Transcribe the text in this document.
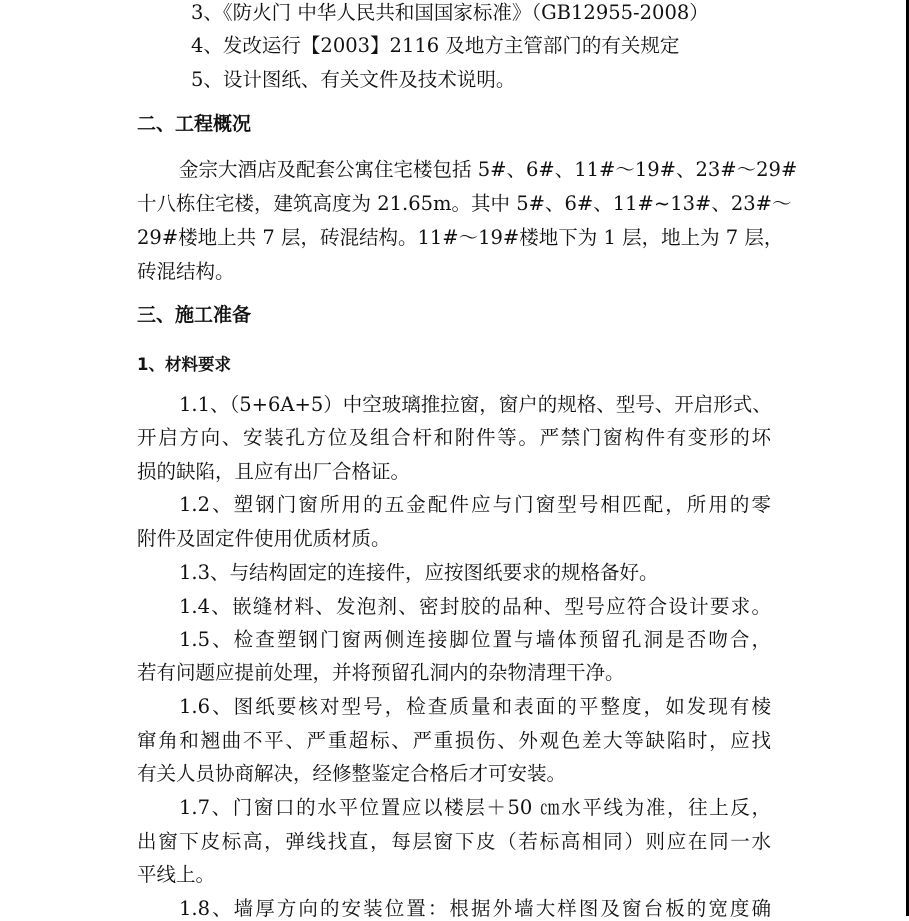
3、《防火门 中华人民共和国国家标准》（GB12955-2008）
4、发改运行【2003】2116 及地方主管部门的有关规定
5、设计图纸、有关文件及技术说明。
二、工程概况
金宗大酒店及配套公寓住宅楼包括 5#、6#、11#～19#、23#～29#
十八栋住宅楼，建筑高度为 21.65m。其中 5#、6#、11#~13#、23#～
29#楼地上共 7 层，砖混结构。11#～19#楼地下为 1 层，地上为 7 层，
砖混结构。
三、施工准备
1、材料要求
1.1、（5+6A+5）中空玻璃推拉窗，窗户的规格、型号、开启形式、
开启方向、安装孔方位及组合杆和附件等。严禁门窗构件有变形的坏
损的缺陷，且应有出厂合格证。
1.2、塑钢门窗所用的五金配件应与门窗型号相匹配，所用的零
附件及固定件使用优质材质。
1.3、与结构固定的连接件，应按图纸要求的规格备好。
1.4、嵌缝材料、发泡剂、密封胶的品种、型号应符合设计要求。
1.5、检查塑钢门窗两侧连接脚位置与墙体预留孔洞是否吻合，
若有问题应提前处理，并将预留孔洞内的杂物清理干净。
1.6、图纸要核对型号，检查质量和表面的平整度，如发现有棱
窜角和翘曲不平、严重超标、严重损伤、外观色差大等缺陷时，应找
有关人员协商解决，经修整鉴定合格后才可安装。
1.7、门窗口的水平位置应以楼层＋50 ㎝水平线为准，往上反，
出窗下皮标高，弹线找直，每层窗下皮（若标高相同）则应在同一水
平线上。
1.8、墙厚方向的安装位置：根据外墙大样图及窗台板的宽度确
